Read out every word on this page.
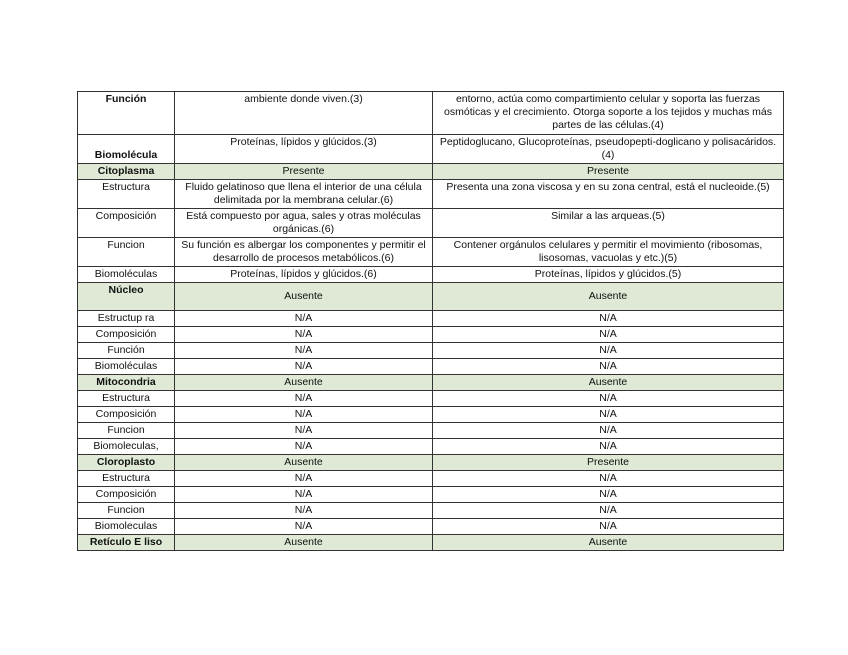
Función	ambiente donde viven.(3)	entorno, actúa como compartimiento celular y soporta las fuerzas osmóticas y el crecimiento. Otorga soporte a los tejidos y muchas más partes de las células.(4)
Biomolécula	Proteínas, lípidos y glúcidos.(3)	Peptidoglucano, Glucoproteínas, pseudopepti-doglicano y polisacáridos.(4)
Citoplasma	Presente	Presente
Estructura	Fluido gelatinoso que llena el interior de una célula delimitada por la membrana celular.(6)	Presenta una zona viscosa y en su zona central, está el nucleoide.(5)
Composición	Está compuesto por agua, sales y otras moléculas orgánicas.(6)	Similar a las arqueas.(5)
Funcion	Su función es albergar los componentes y permitir el desarrollo de procesos metabólicos.(6)	Contener orgánulos celulares y permitir el movimiento (ribosomas, lisosomas, vacuolas y etc.)(5)
Biomoléculas	Proteínas, lípidos y glúcidos.(6)	Proteínas, lípidos y glúcidos.(5)
Núcleo	Ausente	Ausente
Estructup ra	N/A	N/A
Composición	N/A	N/A
Función	N/A	N/A
Biomoléculas	N/A	N/A
Mitocondria	Ausente	Ausente
Estructura	N/A	N/A
Composición	N/A	N/A
Funcion	N/A	N/A
Biomoleculas,	N/A	N/A
Cloroplasto	Ausente	Presente
Estructura	N/A	N/A
Composición	N/A	N/A
Funcion	N/A	N/A
Biomoleculas	N/A	N/A
Retículo E liso	Ausente	Ausente
